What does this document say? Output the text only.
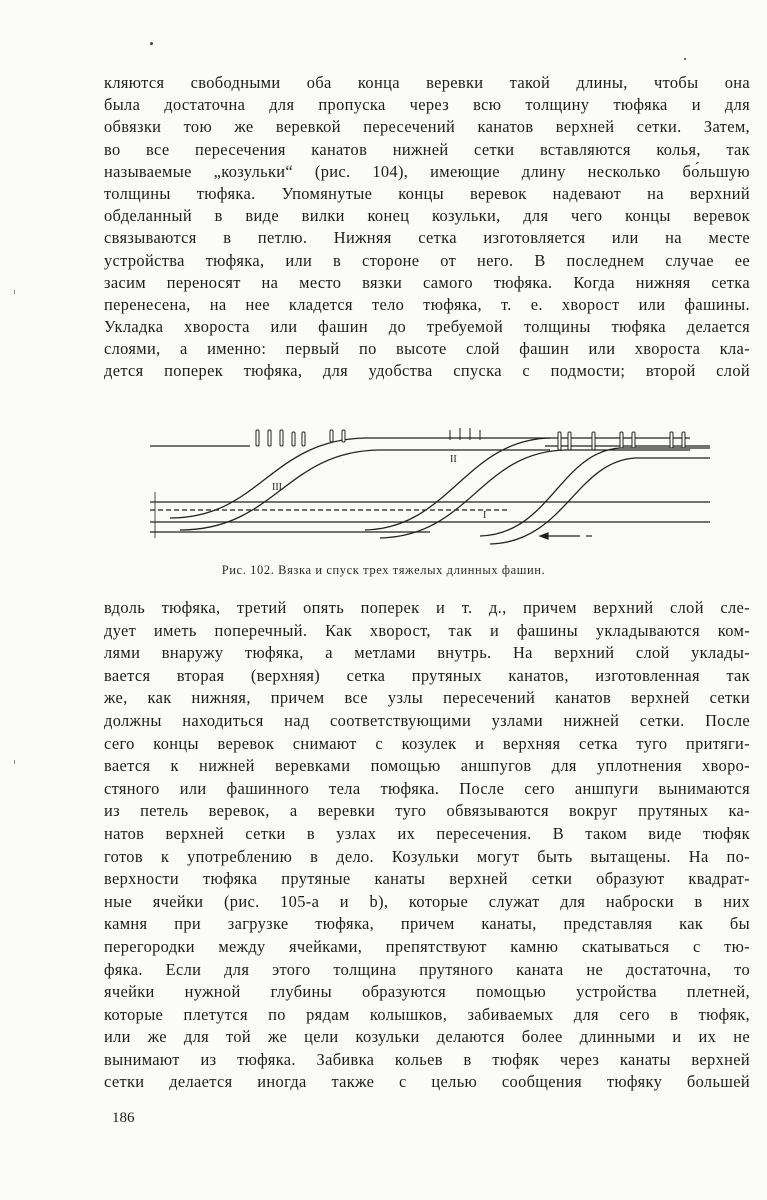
кляются свободными оба конца веревки такой длины, чтобы она
была достаточна для пропуска через всю толщину тюфяка и для
обвязки тою же веревкой пересечений канатов верхней сетки. Затем,
во все пересечения канатов нижней сетки вставляются колья, так
называемые „козульки“ (рис. 104), имеющие длину несколько бо́льшую
толщины тюфяка. Упомянутые концы веревок надевают на верхний
обделанный в виде вилки конец козульки, для чего концы веревок
связываются в петлю. Нижняя сетка изготовляется или на месте
устройства тюфяка, или в стороне от него. В последнем случае ее
засим переносят на место вязки самого тюфяка. Когда нижняя сетка
перенесена, на нее кладется тело тюфяка, т. е. хворост или фашины.
Укладка хвороста или фашин до требуемой толщины тюфяка делается
слоями, а именно: первый по высоте слой фашин или хвороста кла-
дется поперек тюфяка, для удобства спуска с подмости; второй слой

III
II
I
Рис. 102. Вязка и спуск трех тяжелых длинных фашин.

вдоль тюфяка, третий опять поперек и т. д., причем верхний слой сле-
дует иметь поперечный. Как хворост, так и фашины укладываются ком-
лями внаружу тюфяка, а метлами внутрь. На верхний слой уклады-
вается вторая (верхняя) сетка прутяных канатов, изготовленная так
же, как нижняя, причем все узлы пересечений канатов верхней сетки
должны находиться над соответствующими узлами нижней сетки. После
сего концы веревок снимают с козулек и верхняя сетка туго притяги-
вается к нижней веревками помощью аншпугов для уплотнения хворо-
стяного или фашинного тела тюфяка. После сего аншпуги вынимаются
из петель веревок, а веревки туго обвязываются вокруг прутяных ка-
натов верхней сетки в узлах их пересечения. В таком виде тюфяк
готов к употреблению в дело. Козульки могут быть вытащены. На по-
верхности тюфяка прутяные канаты верхней сетки образуют квадрат-
ные ячейки (рис. 105-a и b), которые служат для наброски в них
камня при загрузке тюфяка, причем канаты, представляя как бы
перегородки между ячейками, препятствуют камню скатываться с тю-
фяка. Если для этого толщина прутяного каната не достаточна, то
ячейки нужной глубины образуются помощью устройства плетней,
которые плетутся по рядам колышков, забиваемых для сего в тюфяк,
или же для той же цели козульки делаются более длинными и их не
вынимают из тюфяка. Забивка кольев в тюфяк через канаты верхней
сетки делается иногда также с целью сообщения тюфяку большей

186
